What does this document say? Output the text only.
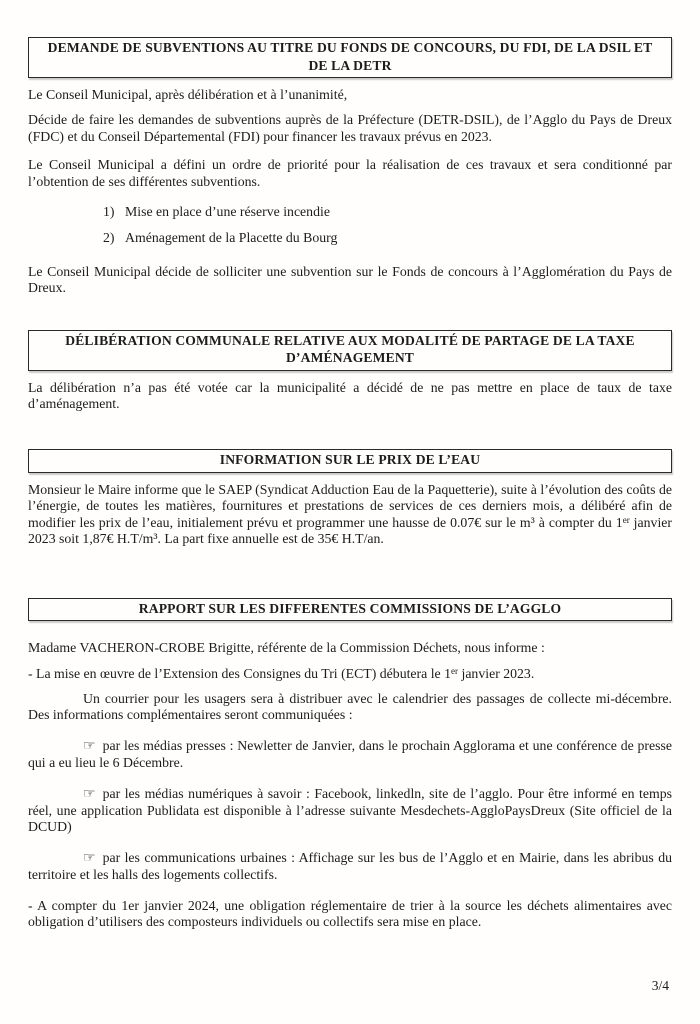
DEMANDE DE SUBVENTIONS AU TITRE DU FONDS DE CONCOURS, DU FDI, DE LA DSIL ET DE LA DETR

Le Conseil Municipal, après délibération et à l’unanimité,

Décide de faire les demandes de subventions auprès de la Préfecture (DETR-DSIL), de l’Agglo du Pays de Dreux (FDC) et du Conseil Départemental (FDI) pour financer les travaux prévus en 2023.

Le Conseil Municipal a défini un ordre de priorité pour la réalisation de ces travaux et sera conditionné par l’obtention de ses différentes subventions.

1) Mise en place d’une réserve incendie

2) Aménagement de la Placette du Bourg

Le Conseil Municipal décide de solliciter une subvention sur le Fonds de concours à l’Agglomération du Pays de Dreux.

DÉLIBÉRATION COMMUNALE RELATIVE AUX MODALITÉ DE PARTAGE DE LA TAXE D’AMÉNAGEMENT

La délibération n’a pas été votée car la municipalité a décidé de ne pas mettre en place de taux de taxe d’aménagement.

INFORMATION SUR LE PRIX DE L’EAU

Monsieur le Maire informe que le SAEP (Syndicat Adduction Eau de la Paquetterie), suite à l’évolution des coûts de l’énergie, de toutes les matières, fournitures et prestations de services de ces derniers mois, a délibéré afin de modifier les prix de l’eau, initialement prévu et programmer une hausse de 0.07€ sur le m³ à compter du 1er janvier 2023 soit 1,87€ H.T/m³. La part fixe annuelle est de 35€ H.T/an.

RAPPORT SUR LES DIFFERENTES COMMISSIONS DE L’AGGLO

Madame VACHERON-CROBE Brigitte, référente de la Commission Déchets, nous informe :

- La mise en œuvre de l’Extension des Consignes du Tri (ECT) débutera le 1er janvier 2023.

Un courrier pour les usagers sera à distribuer avec le calendrier des passages de collecte mi-décembre. Des informations complémentaires seront communiquées :

☞ par les médias presses : Newletter de Janvier, dans le prochain Agglorama et une conférence de presse qui a eu lieu le 6 Décembre.

☞ par les médias numériques à savoir : Facebook, linkedln, site de l’agglo. Pour être informé en temps réel, une application Publidata est disponible à l’adresse suivante Mesdechets-AggloPaysDreux (Site officiel de la DCUD)

☞ par les communications urbaines : Affichage sur les bus de l’Agglo et en Mairie, dans les abribus du territoire et les halls des logements collectifs.

- A compter du 1er janvier 2024, une obligation réglementaire de trier à la source les déchets alimentaires avec obligation d’utilisers des composteurs individuels ou collectifs sera mise en place.

3/4
